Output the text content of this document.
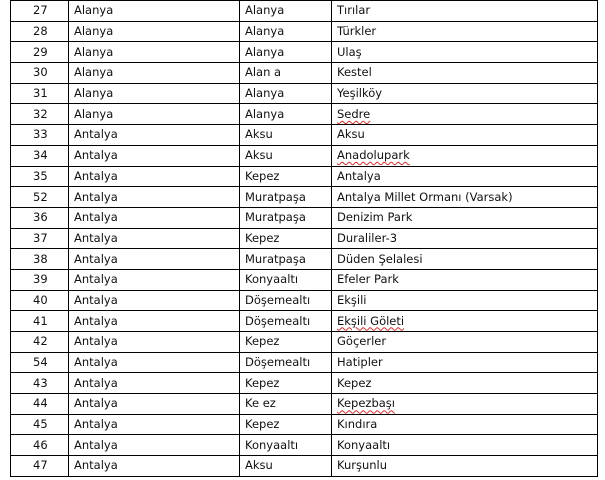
27	Alanya	Alanya	Tırılar
28	Alanya	Alanya	Türkler
29	Alanya	Alanya	Ulaş
30	Alanya	Alan a	Kestel
31	Alanya	Alanya	Yeşilköy
32	Alanya	Alanya	Sedre
33	Antalya	Aksu	Aksu
34	Antalya	Aksu	Anadolupark
35	Antalya	Kepez	Antalya
52	Antalya	Muratpaşa	Antalya Millet Ormanı (Varsak)
36	Antalya	Muratpaşa	Denizim Park
37	Antalya	Kepez	Duraliler-3
38	Antalya	Muratpaşa	Düden Şelalesi
39	Antalya	Konyaaltı	Efeler Park
40	Antalya	Döşemealtı	Ekşili
41	Antalya	Döşemealtı	Ekşili Göleti
42	Antalya	Kepez	Göçerler
54	Antalya	Döşemealtı	Hatipler
43	Antalya	Kepez	Kepez
44	Antalya	Ke ez	Kepezbaşı
45	Antalya	Kepez	Kındıra
46	Antalya	Konyaaltı	Konyaaltı
47	Antalya	Aksu	Kurşunlu
